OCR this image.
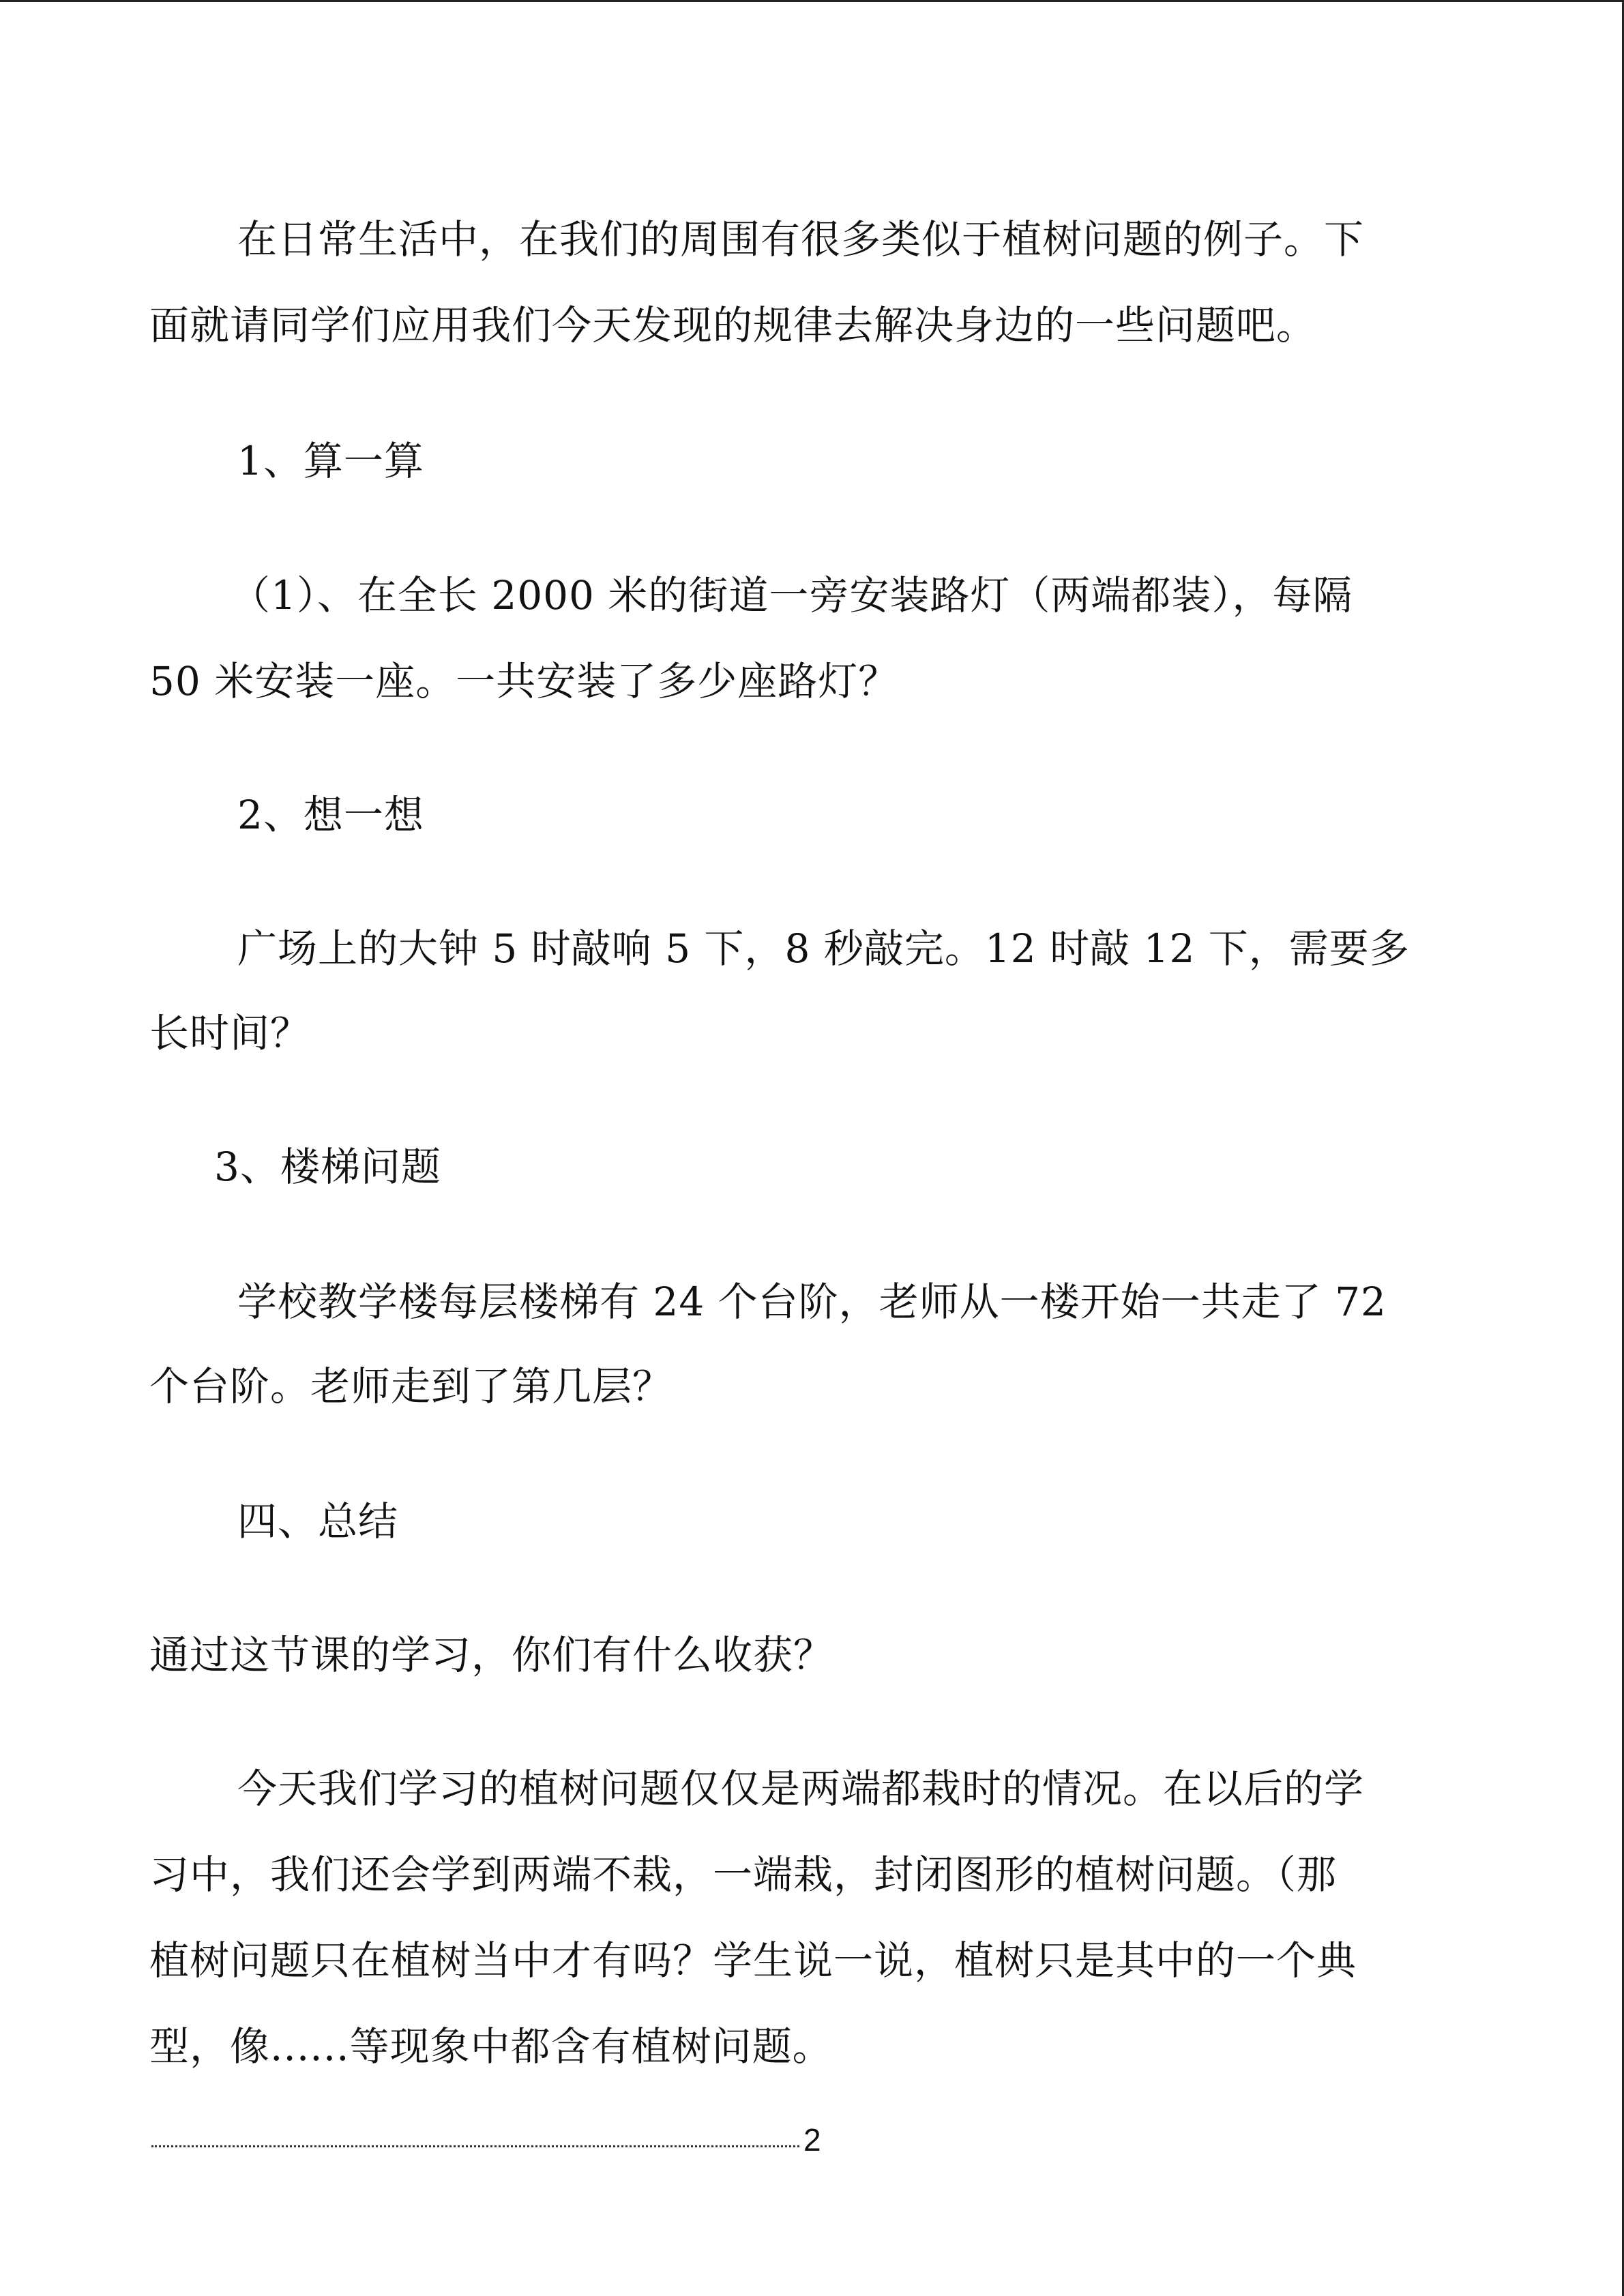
在日常生活中，在我们的周围有很多类似于植树问题的例子。下
面就请同学们应用我们今天发现的规律去解决身边的一些问题吧。
1、算一算
（1）、在全长 2000 米的街道一旁安装路灯（两端都装），每隔
50 米安装一座。一共安装了多少座路灯？
2、想一想
广场上的大钟 5 时敲响 5 下，8 秒敲完。12 时敲 12 下，需要多
长时间？
3、楼梯问题
学校教学楼每层楼梯有 24 个台阶，老师从一楼开始一共走了 72
个台阶。老师走到了第几层？
四、总结
通过这节课的学习，你们有什么收获？
今天我们学习的植树问题仅仅是两端都栽时的情况。在以后的学
习中，我们还会学到两端不栽，一端栽，封闭图形的植树问题。（那
植树问题只在植树当中才有吗？学生说一说，植树只是其中的一个典
型，像......等现象中都含有植树问题。
2
